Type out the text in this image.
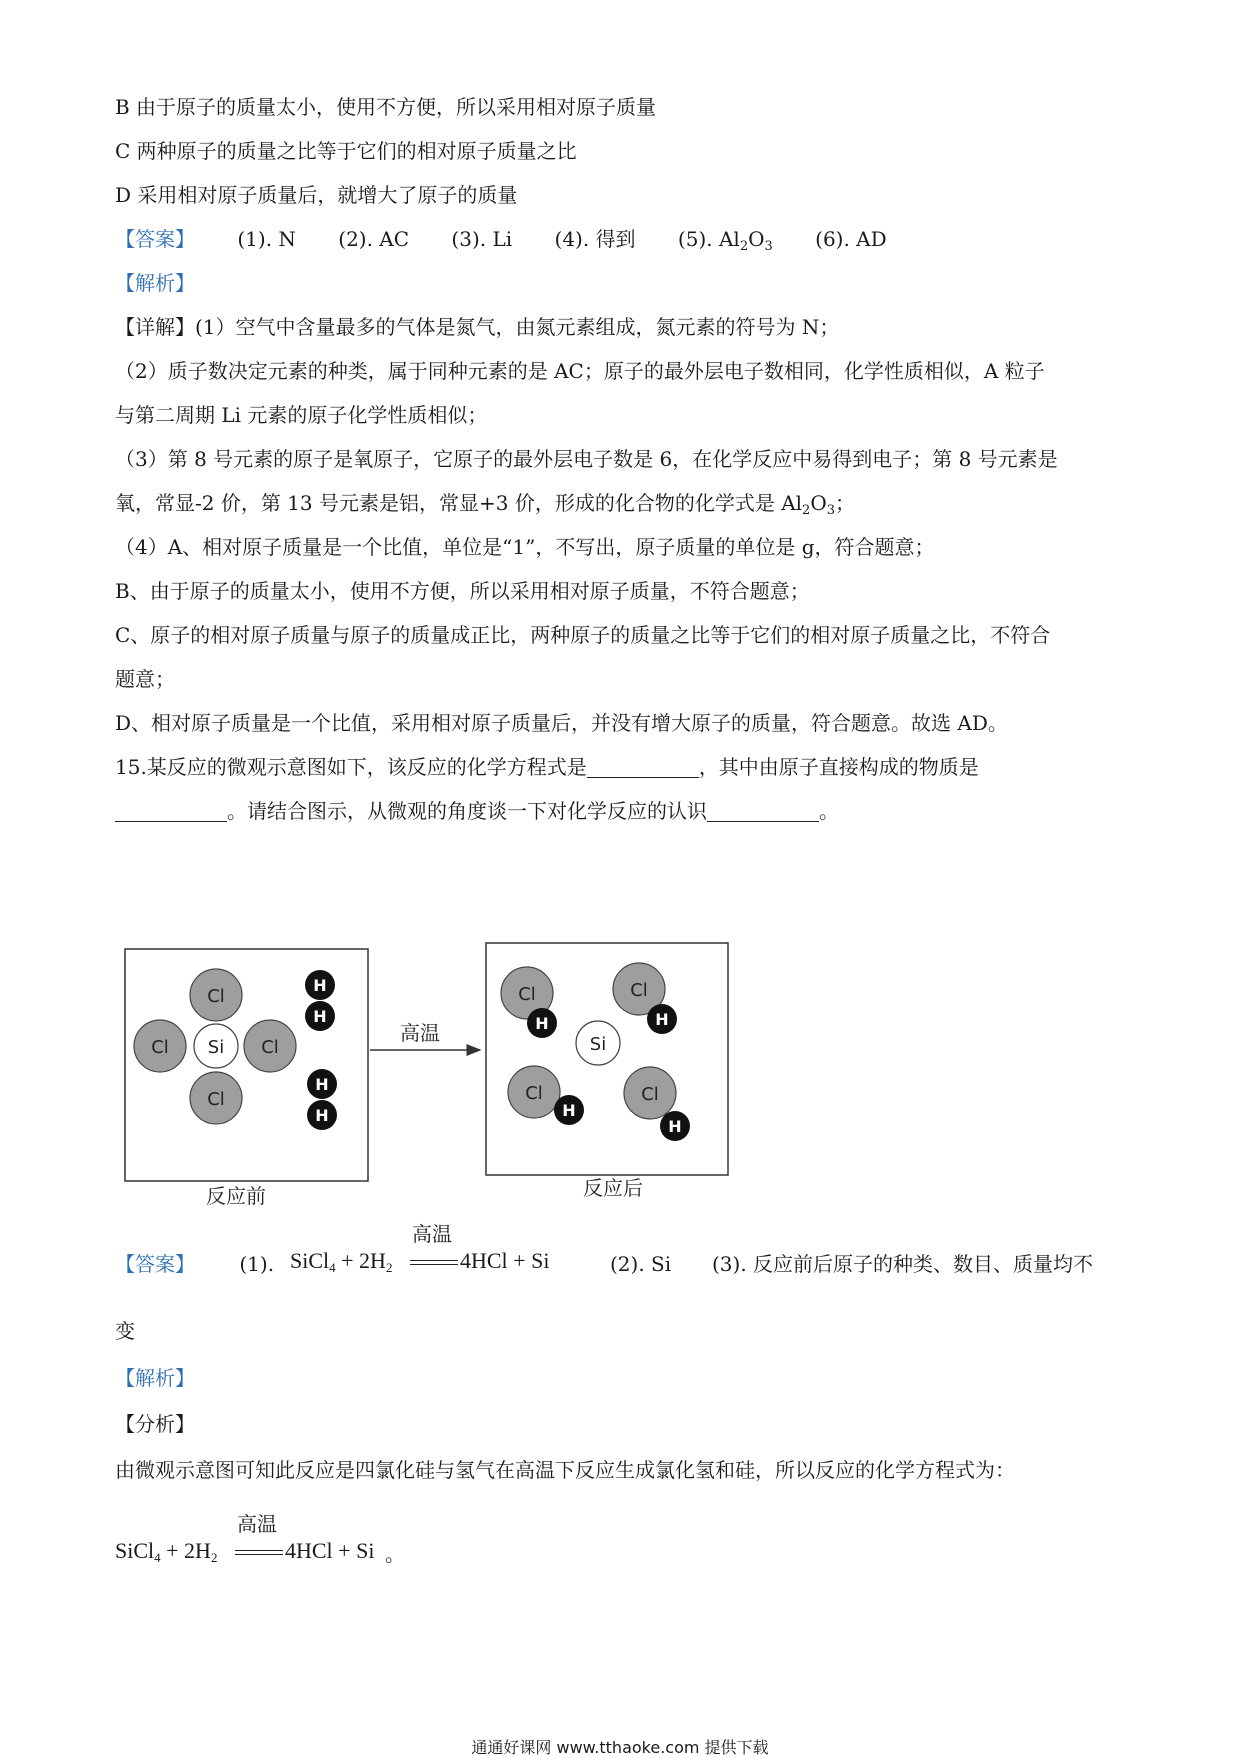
B 由于原子的质量太小，使用不方便，所以采用相对原子质量
C 两种原子的质量之比等于它们的相对原子质量之比
D 采用相对原子质量后，就增大了原子的质量
【答案】 (1). N (2). AC (3). Li (4). 得到 (5). $Al_2O_3$ (6). AD
【解析】
【详解】(1）空气中含量最多的气体是氮气，由氮元素组成，氮元素的符号为 N；
（2）质子数决定元素的种类，属于同种元素的是 AC；原子的最外层电子数相同，化学性质相似，A 粒子
与第二周期 Li 元素的原子化学性质相似；
（3）第 8 号元素的原子是氧原子，它原子的最外层电子数是 6，在化学反应中易得到电子；第 8 号元素是
氧，常显-2 价，第 13 号元素是铝，常显+3 价，形成的化合物的化学式是 $Al_2O_3$；
（4）A、相对原子质量是一个比值，单位是“1”，不写出，原子质量的单位是 g，符合题意；
B、由于原子的质量太小，使用不方便，所以采用相对原子质量，不符合题意；
C、原子的相对原子质量与原子的质量成正比，两种原子的质量之比等于它们的相对原子质量之比，不符合
题意；
D、相对原子质量是一个比值，采用相对原子质量后，并没有增大原子的质量，符合题意。故选 AD。
15.某反应的微观示意图如下，该反应的化学方程式是	，其中由原子直接构成的物质是
。请结合图示，从微观的角度谈一下对化学反应的认识	。
Cl
Cl	Cl
Cl
Si
H
H
H
H
高温
Cl
H
Cl
H
Cl
H
Cl
H
Si
反应前	反应后
【答案】 (1). SiCl$_4$ + $2H_2$
高温
4HCl + Si	(2). Si (3). 反应前后原子的种类、数目、质量均不
变
【解析】
【分析】
由微观示意图可知此反应是四氯化硅与氢气在高温下反应生成氯化氢和硅，所以反应的化学方程式为：
SiCl$_4$ + $2H_2$
高温
4HCl + Si 。
通通好课网 www.tthaoke.com 提供下载
